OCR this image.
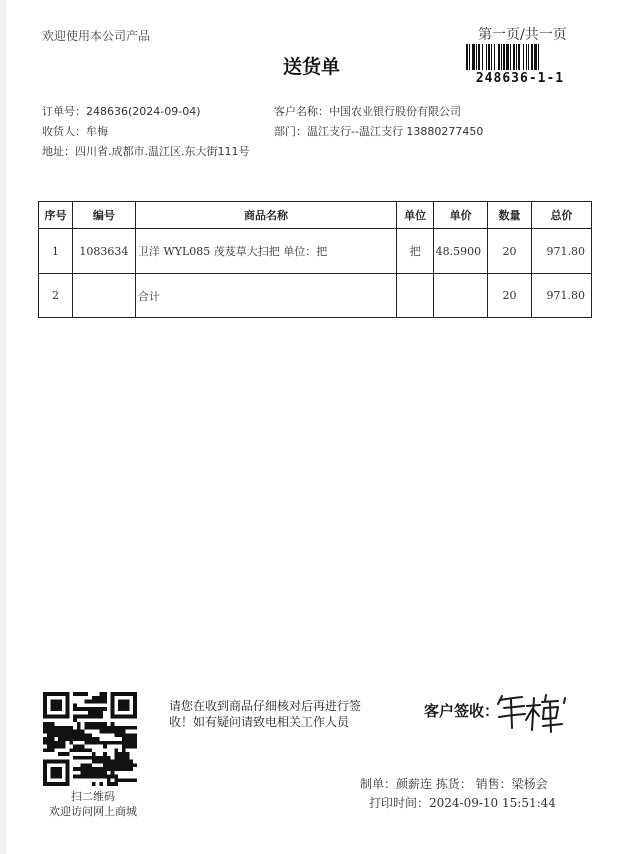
欢迎使用本公司产品	第一页/共一页
送货单
248636-1-1
订单号：248636(2024-09-04)
收货人：牟梅
地址：四川省.成都市.温江区.东大街111号
客户名称：中国农业银行股份有限公司
部门：温江支行--温江支行 13880277450
序号	编号	商品名称	单位	单价	数量	总价
1	1083634	卫洋 WYL085 茂芨草大扫把 单位：把	把	48.5900	20	971.80
2		合计			20	971.80
扫二维码
欢迎访问网上商城
请您在收到商品仔细核对后再进行签
收！如有疑问请致电相关工作人员
客户签收：
制单：颜薪连 拣货： 销售：梁杨会
打印时间：2024-09-10 15:51:44
